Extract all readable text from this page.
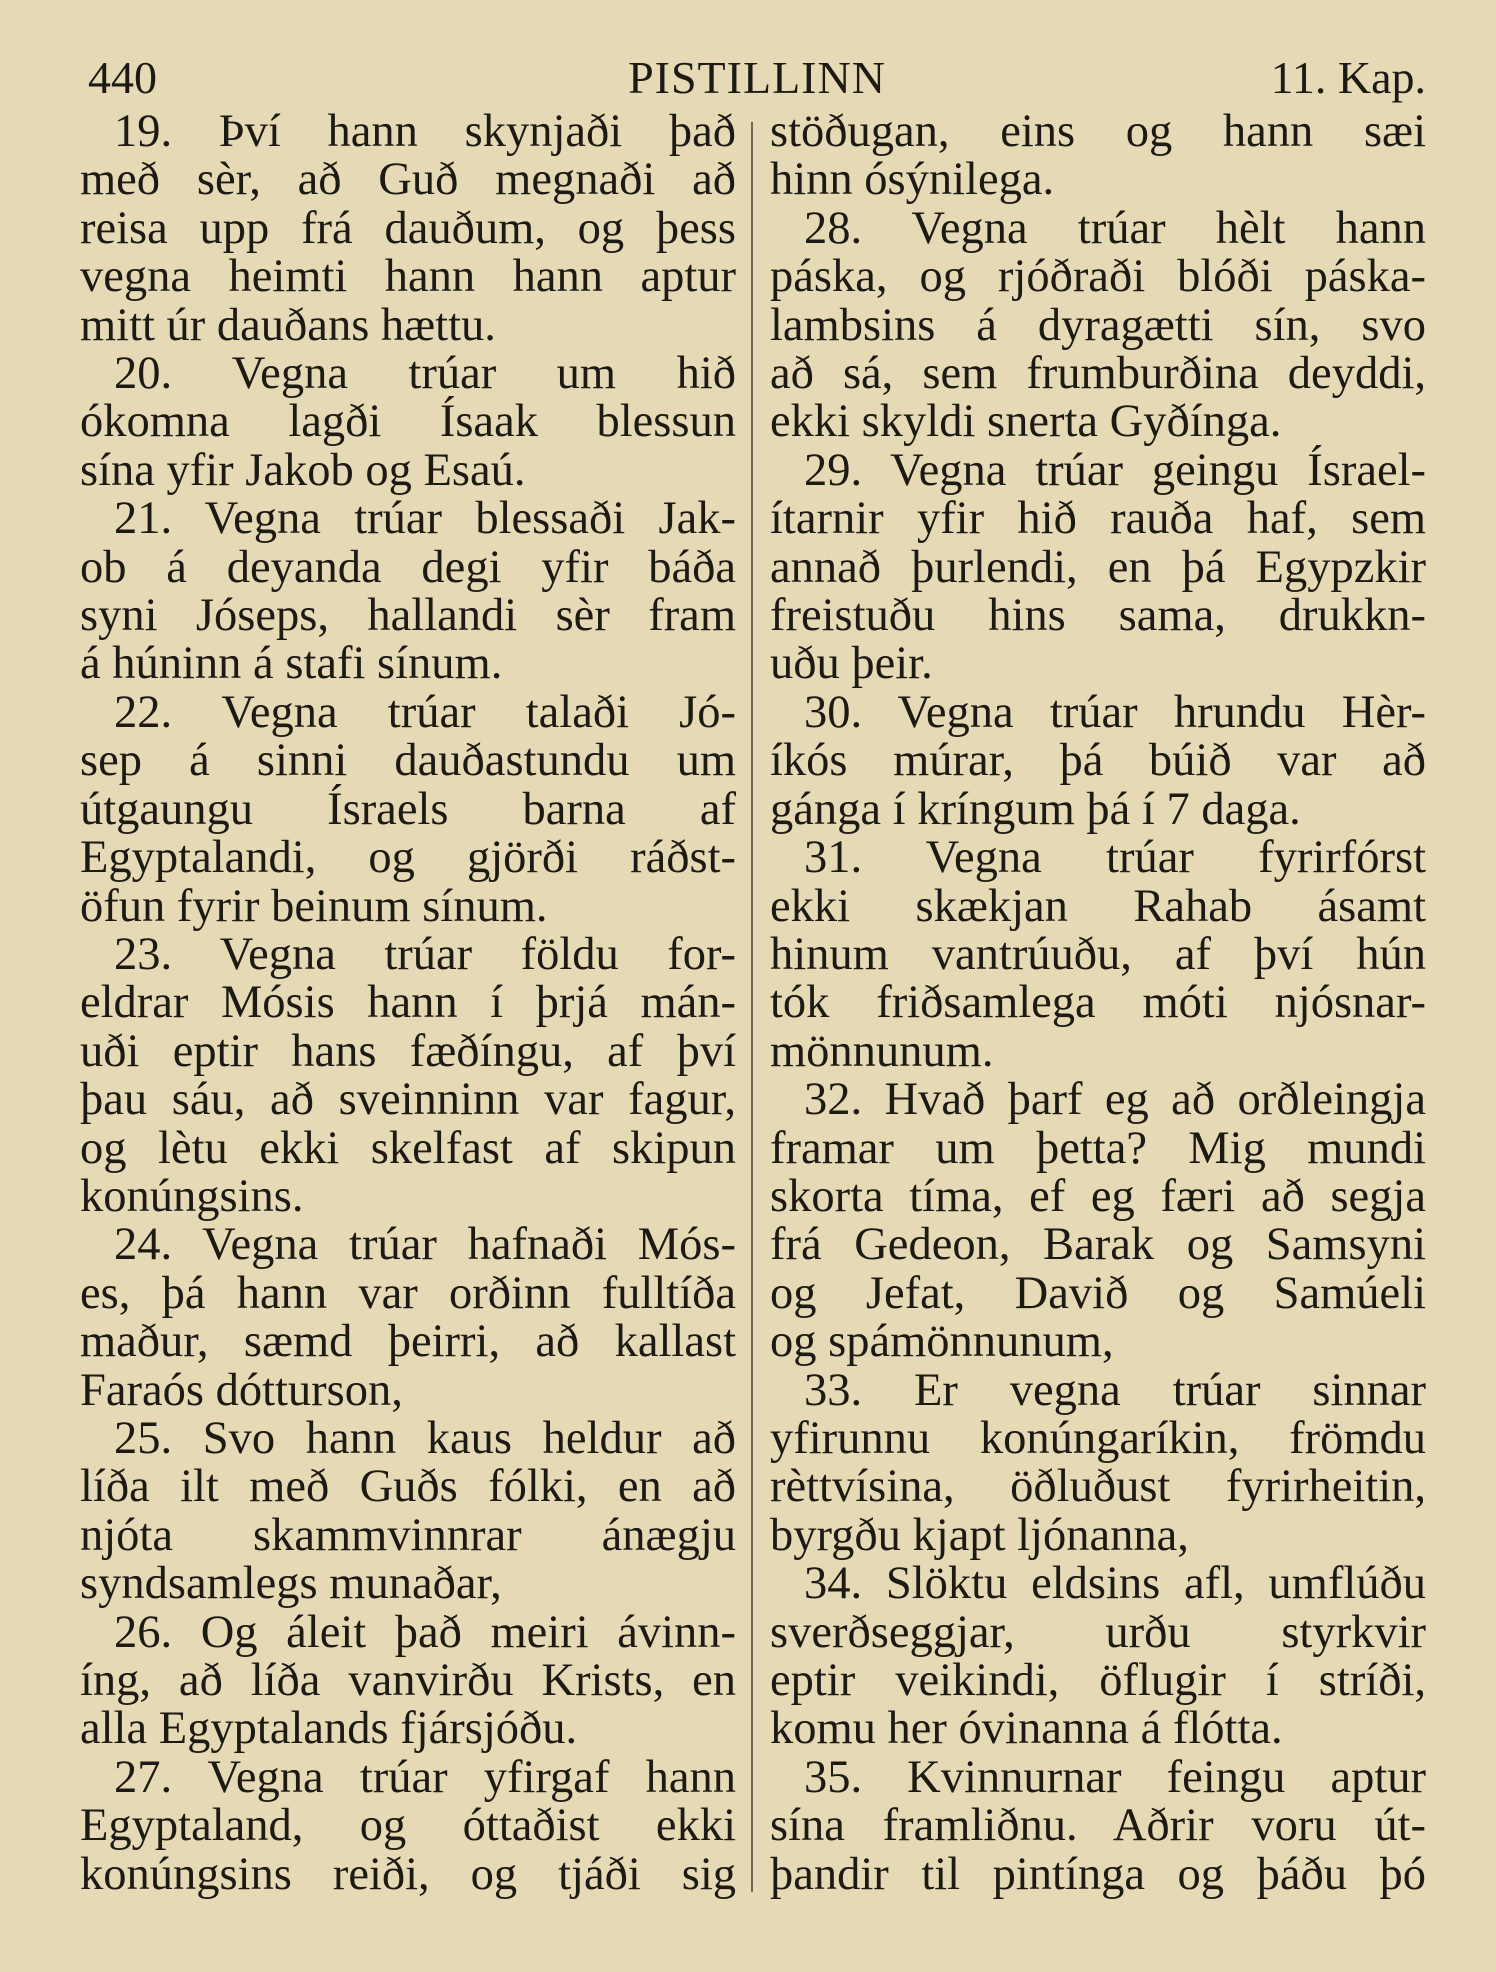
440	PISTILLINN	11. Kap.
19. Því hann skynjaði það
með sèr, að Guð megnaði að
reisa upp frá dauðum, og þess
vegna heimti hann hann aptur
mitt úr dauðans hættu.
20. Vegna trúar um hið
ókomna lagði Ísaak blessun
sína yfir Jakob og Esaú.
21. Vegna trúar blessaði Jak-
ob á deyanda degi yfir báða
syni Jóseps, hallandi sèr fram
á húninn á stafi sínum.
22. Vegna trúar talaði Jó-
sep á sinni dauðastundu um
útgaungu Ísraels barna af
Egyptalandi, og gjörði ráðst-
öfun fyrir beinum sínum.
23. Vegna trúar földu for-
eldrar Mósis hann í þrjá mán-
uði eptir hans fæðíngu, af því
þau sáu, að sveinninn var fagur,
og lètu ekki skelfast af skipun
konúngsins.
24. Vegna trúar hafnaði Mós-
es, þá hann var orðinn fulltíða
maður, sæmd þeirri, að kallast
Faraós dótturson,
25. Svo hann kaus heldur að
líða ilt með Guðs fólki, en að
njóta skammvinnrar ánægju
syndsamlegs munaðar,
26. Og áleit það meiri ávinn-
íng, að líða vanvirðu Krists, en
alla Egyptalands fjársjóðu.
27. Vegna trúar yfirgaf hann
Egyptaland, og óttaðist ekki
konúngsins reiði, og tjáði sig
stöðugan, eins og hann sæi
hinn ósýnilega.
28. Vegna trúar hèlt hann
páska, og rjóðraði blóði páska-
lambsins á dyragætti sín, svo
að sá, sem frumburðina deyddi,
ekki skyldi snerta Gyðínga.
29. Vegna trúar geingu Ísrael-
ítarnir yfir hið rauða haf, sem
annað þurlendi, en þá Egypzkir
freistuðu hins sama, drukkn-
uðu þeir.
30. Vegna trúar hrundu Hèr-
íkós múrar, þá búið var að
gánga í kríngum þá í 7 daga.
31. Vegna trúar fyrirfórst
ekki skækjan Rahab ásamt
hinum vantrúuðu, af því hún
tók friðsamlega móti njósnar-
mönnunum.
32. Hvað þarf eg að orðleingja
framar um þetta? Mig mundi
skorta tíma, ef eg færi að segja
frá Gedeon, Barak og Samsyni
og Jefat, Davið og Samúeli
og spámönnunum,
33. Er vegna trúar sinnar
yfirunnu konúngaríkin, frömdu
rèttvísina, öðluðust fyrirheitin,
byrgðu kjapt ljónanna,
34. Slöktu eldsins afl, umflúðu
sverðseggjar, urðu styrkvir
eptir veikindi, öflugir í stríði,
komu her óvinanna á flótta.
35. Kvinnurnar feingu aptur
sína framliðnu. Aðrir voru út-
þandir til pintínga og þáðu þó
